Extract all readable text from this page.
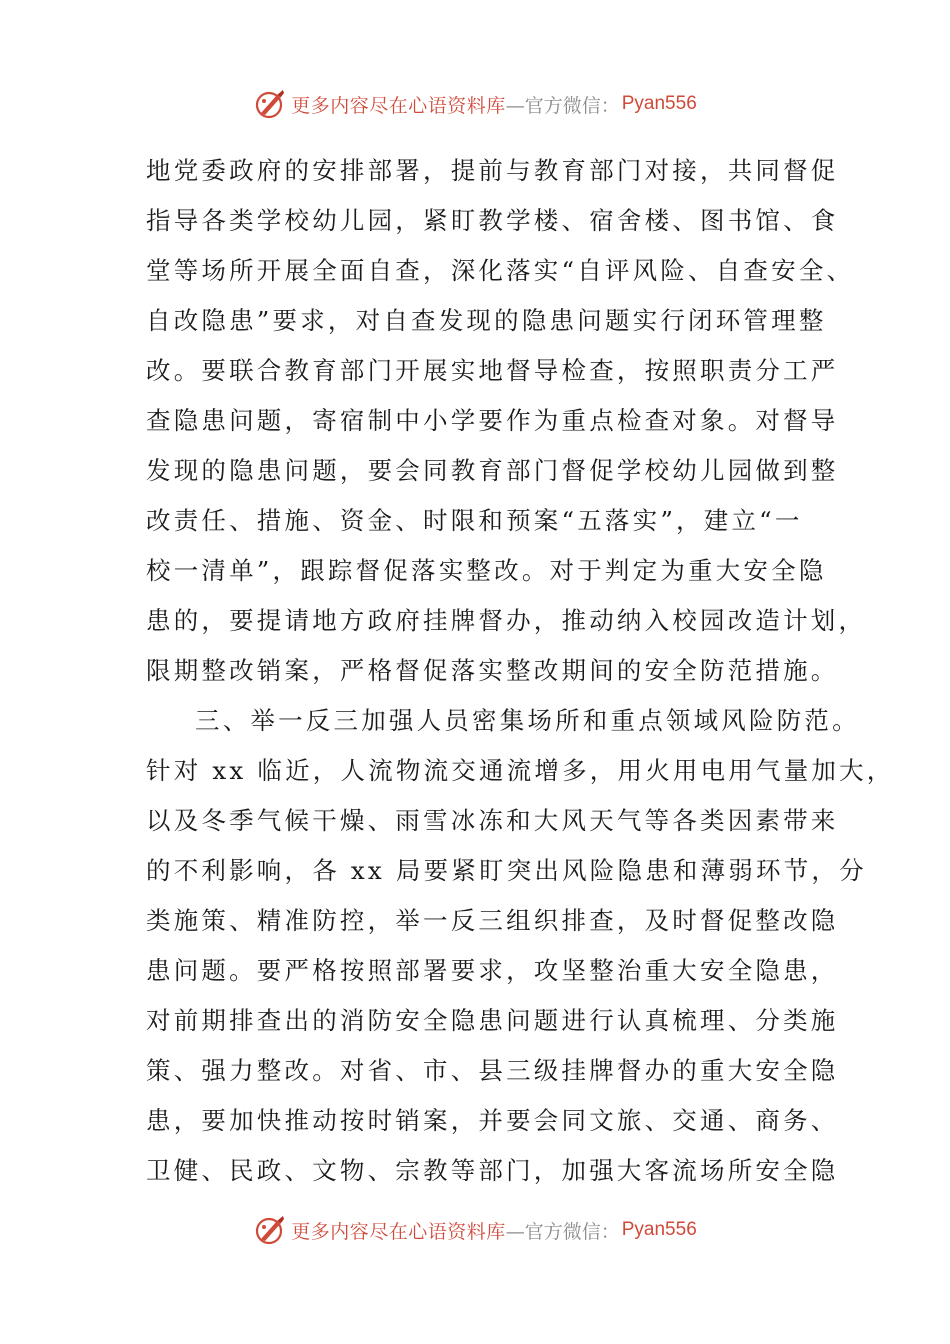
更多内容尽在心语资料库 —官方微信： Pyan556
地党委政府的安排部署，提前与教育部门对接，共同督促
指导各类学校幼儿园，紧盯教学楼、宿舍楼、图书馆、食
堂等场所开展全面自查，深化落实“自评风险、自查安全、
自改隐患”要求，对自查发现的隐患问题实行闭环管理整
改。要联合教育部门开展实地督导检查，按照职责分工严
查隐患问题，寄宿制中小学要作为重点检查对象。对督导
发现的隐患问题，要会同教育部门督促学校幼儿园做到整
改责任、措施、资金、时限和预案“五落实”，建立“一
校一清单”，跟踪督促落实整改。对于判定为重大安全隐
患的，要提请地方政府挂牌督办，推动纳入校园改造计划，
限期整改销案，严格督促落实整改期间的安全防范措施。
三、举一反三加强人员密集场所和重点领域风险防范。
针对 xx 临近，人流物流交通流增多，用火用电用气量加大，
以及冬季气候干燥、雨雪冰冻和大风天气等各类因素带来
的不利影响，各 xx 局要紧盯突出风险隐患和薄弱环节，分
类施策、精准防控，举一反三组织排查，及时督促整改隐
患问题。要严格按照部署要求，攻坚整治重大安全隐患，
对前期排查出的消防安全隐患问题进行认真梳理、分类施
策、强力整改。对省、市、县三级挂牌督办的重大安全隐
患，要加快推动按时销案，并要会同文旅、交通、商务、
卫健、民政、文物、宗教等部门，加强大客流场所安全隐
更多内容尽在心语资料库 —官方微信： Pyan556
